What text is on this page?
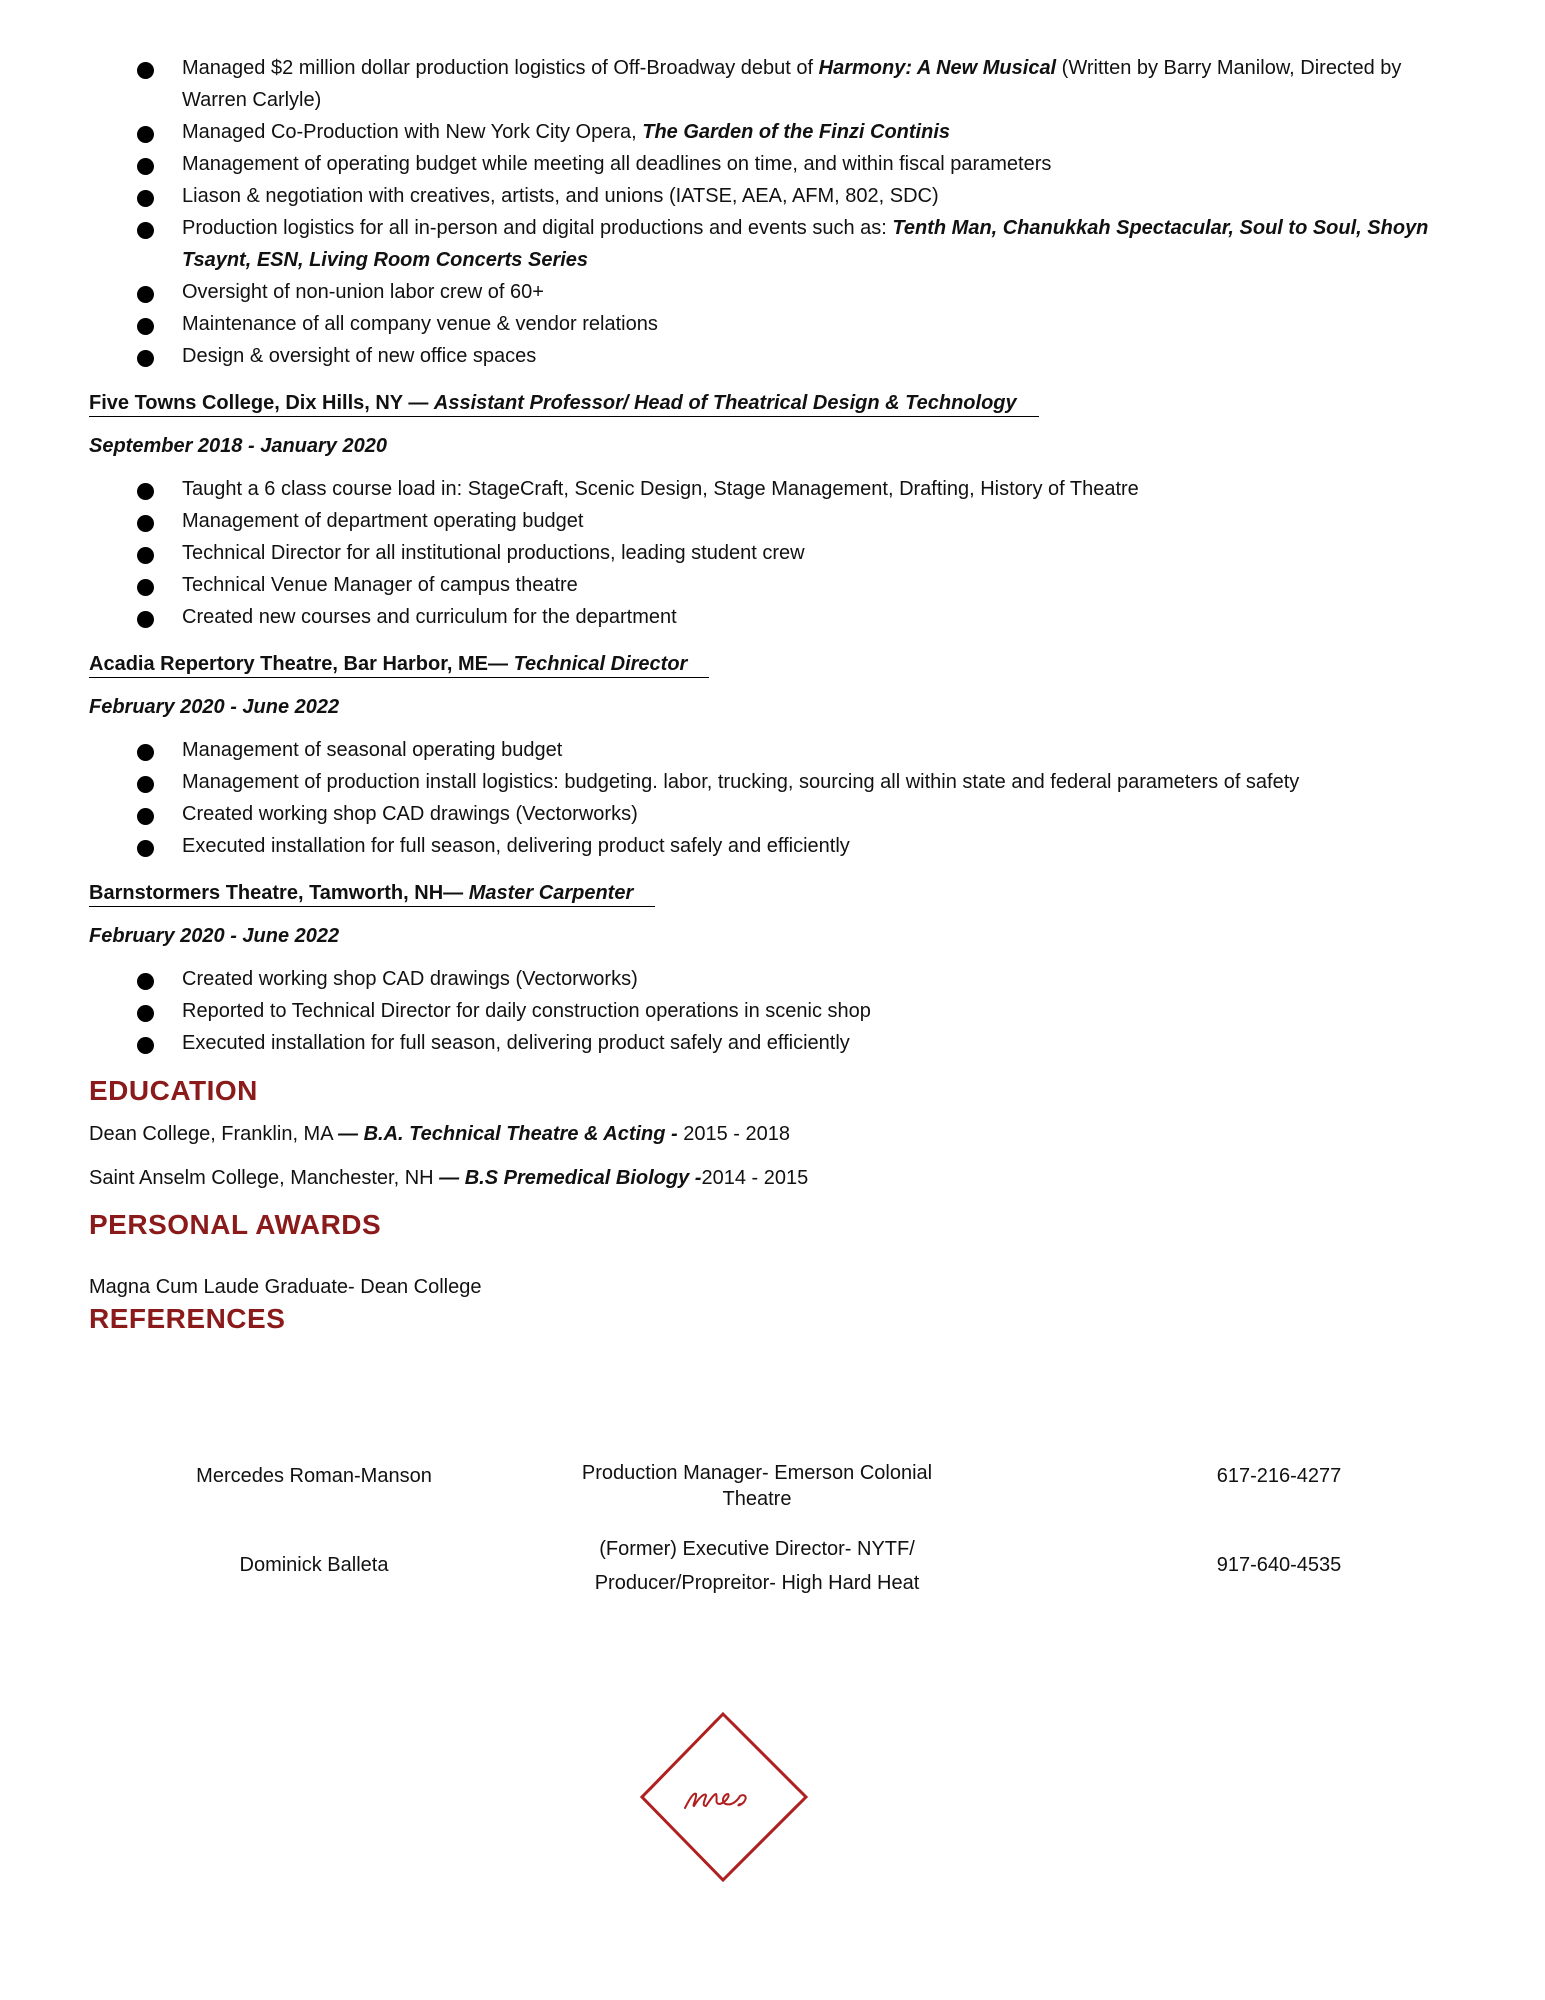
Managed $2 million dollar production logistics of Off-Broadway debut of Harmony: A New Musical (Written by Barry Manilow, Directed by Warren Carlyle)
Managed Co-Production with New York City Opera, The Garden of the Finzi Continis
Management of operating budget while meeting all deadlines on time, and within fiscal parameters
Liason & negotiation with creatives, artists, and unions (IATSE, AEA, AFM, 802, SDC)
Production logistics for all in-person and digital productions and events such as: Tenth Man, Chanukkah Spectacular, Soul to Soul, Shoyn Tsaynt, ESN, Living Room Concerts Series
Oversight of non-union labor crew of 60+
Maintenance of all company venue & vendor relations
Design & oversight of new office spaces
Five Towns College, Dix Hills, NY — Assistant Professor/ Head of Theatrical Design & Technology
September 2018 - January 2020
Taught a 6 class course load in: StageCraft, Scenic Design, Stage Management, Drafting, History of Theatre
Management of department operating budget
Technical Director for all institutional productions, leading student crew
Technical Venue Manager of campus theatre
Created new courses and curriculum for the department
Acadia Repertory Theatre, Bar Harbor, ME— Technical Director
February 2020 - June 2022
Management of seasonal operating budget
Management of production install logistics: budgeting. labor, trucking, sourcing all within state and federal parameters of safety
Created working shop CAD drawings (Vectorworks)
Executed installation for full season, delivering product safely and efficiently
Barnstormers Theatre, Tamworth, NH— Master Carpenter
February 2020 - June 2022
Created working shop CAD drawings (Vectorworks)
Reported to Technical Director for daily construction operations in scenic shop
Executed installation for full season, delivering product safely and efficiently
EDUCATION
Dean College, Franklin, MA — B.A. Technical Theatre & Acting - 2015 - 2018
Saint Anselm College, Manchester, NH — B.S Premedical Biology -2014 - 2015
PERSONAL AWARDS
Magna Cum Laude Graduate- Dean College
REFERENCES
Mercedes Roman-Manson	Production Manager- Emerson Colonial Theatre
617-216-4277
Dominick Balleta
(Former) Executive Director- NYTF/ Producer/Propreitor- High Hard Heat
917-640-4535
